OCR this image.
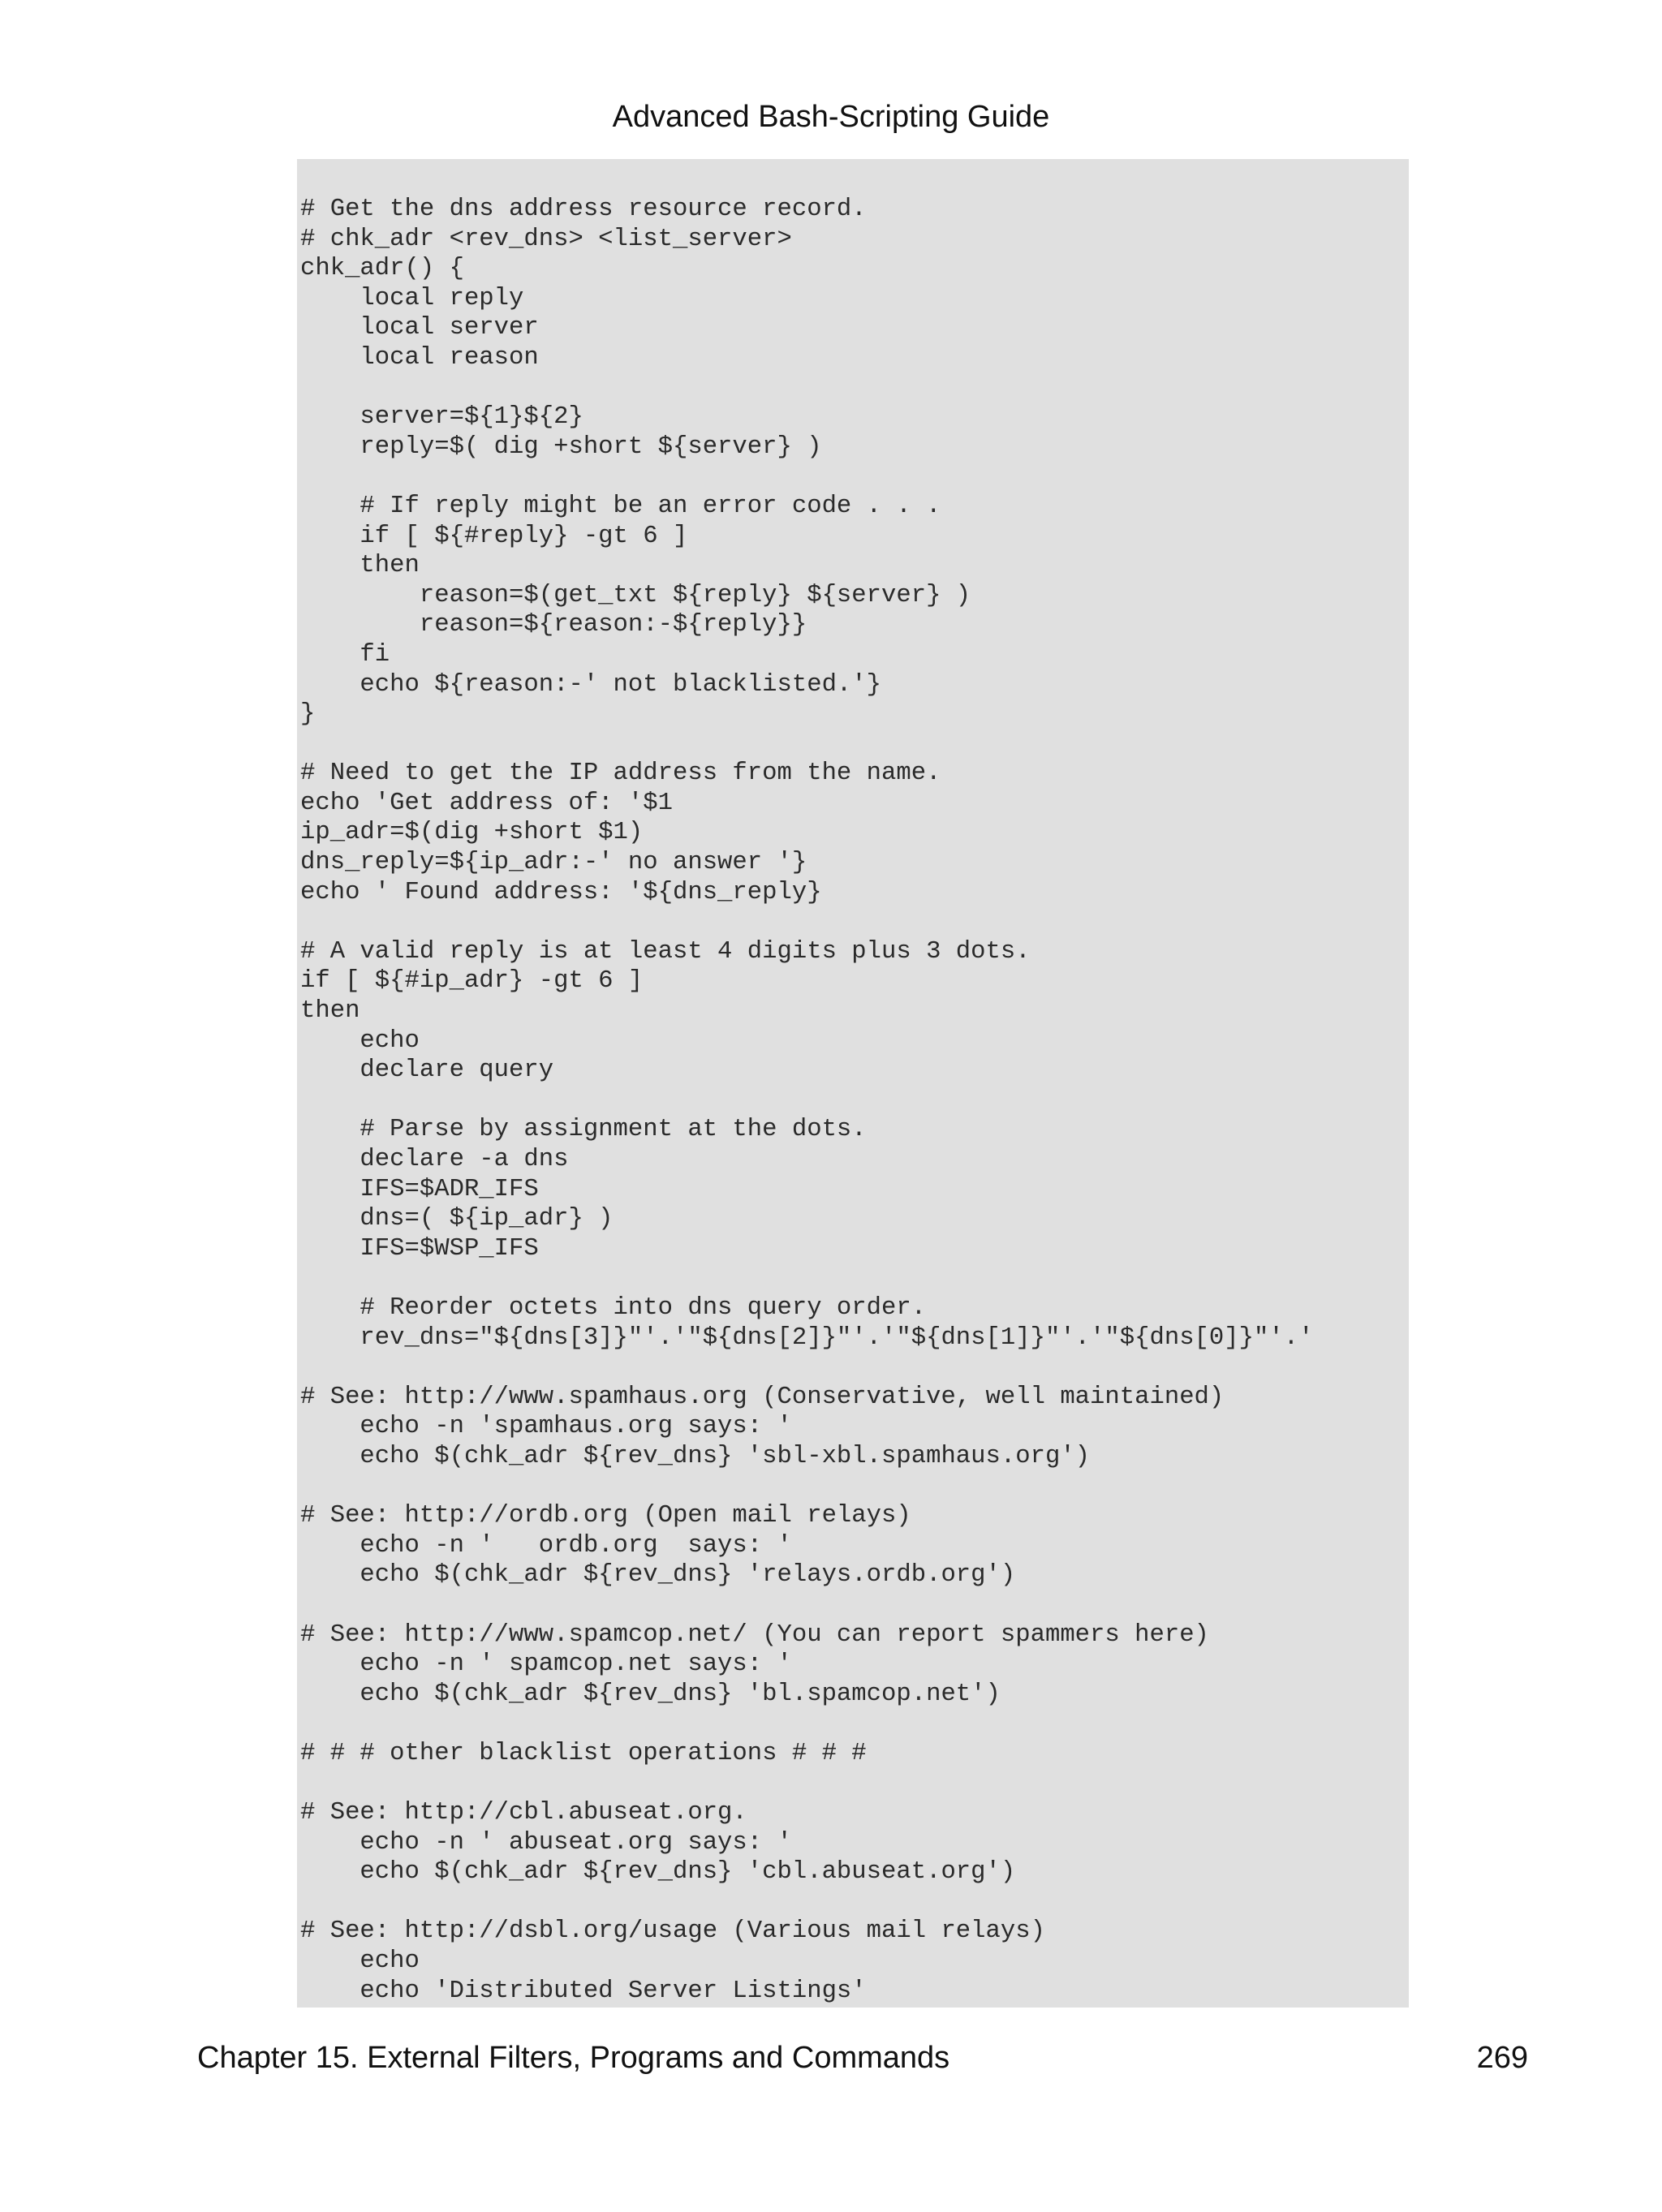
Advanced Bash-Scripting Guide
# Get the dns address resource record.
# chk_adr <rev_dns> <list_server>
chk_adr() {
local reply
local server
local reason
server=${1}${2}
reply=$( dig +short ${server} )
# If reply might be an error code . . .
if [ ${#reply} -gt 6 ]
then
reason=$(get_txt ${reply} ${server} )
reason=${reason:-${reply}}
fi
echo ${reason:-' not blacklisted.'}
}
# Need to get the IP address from the name.
echo 'Get address of: '$1
ip_adr=$(dig +short $1)
dns_reply=${ip_adr:-' no answer '}
echo ' Found address: '${dns_reply}
# A valid reply is at least 4 digits plus 3 dots.
if [ ${#ip_adr} -gt 6 ]
then
echo
declare query
# Parse by assignment at the dots.
declare -a dns
IFS=$ADR_IFS
dns=( ${ip_adr} )
IFS=$WSP_IFS
# Reorder octets into dns query order.
rev_dns="${dns[3]}"'.'"${dns[2]}"'.'"${dns[1]}"'.'"${dns[0]}"'.'
# See: http://www.spamhaus.org (Conservative, well maintained)
echo -n 'spamhaus.org says: '
echo $(chk_adr ${rev_dns} 'sbl-xbl.spamhaus.org')
# See: http://ordb.org (Open mail relays)
echo -n '   ordb.org  says: '
echo $(chk_adr ${rev_dns} 'relays.ordb.org')
# See: http://www.spamcop.net/ (You can report spammers here)
echo -n ' spamcop.net says: '
echo $(chk_adr ${rev_dns} 'bl.spamcop.net')
# # # other blacklist operations # # #
# See: http://cbl.abuseat.org.
echo -n ' abuseat.org says: '
echo $(chk_adr ${rev_dns} 'cbl.abuseat.org')
# See: http://dsbl.org/usage (Various mail relays)
echo
echo 'Distributed Server Listings'
Chapter 15. External Filters, Programs and Commands	269
